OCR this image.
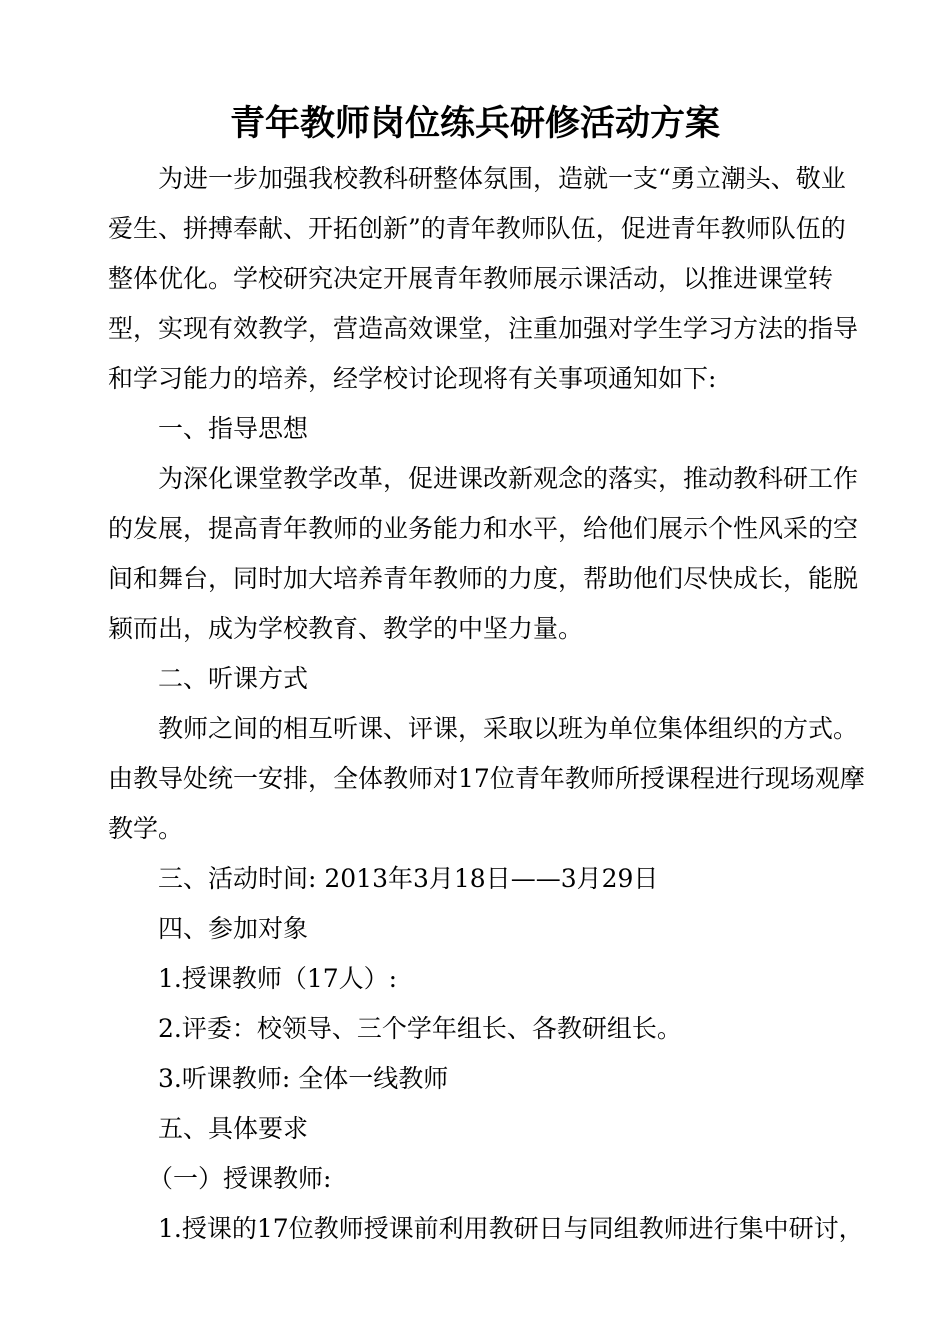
青年教师岗位练兵研修活动方案

为进一步加强我校教科研整体氛围，造就一支“勇立潮头、敬业爱生、拼搏奉献、开拓创新”的青年教师队伍，促进青年教师队伍的整体优化。学校研究决定开展青年教师展示课活动，以推进课堂转型，实现有效教学，营造高效课堂，注重加强对学生学习方法的指导和学习能力的培养，经学校讨论现将有关事项通知如下:

一、指导思想

为深化课堂教学改革，促进课改新观念的落实，推动教科研工作的发展，提高青年教师的业务能力和水平，给他们展示个性风采的空间和舞台，同时加大培养青年教师的力度，帮助他们尽快成长，能脱颖而出，成为学校教育、教学的中坚力量。

二、听课方式

教师之间的相互听课、评课，采取以班为单位集体组织的方式。由教导处统一安排，全体教师对17位青年教师所授课程进行现场观摩教学。

三、活动时间: 2013年3月18日——3月29日

四、参加对象

1.授课教师（17人）:

2.评委：校领导、三个学年组长、各教研组长。

3.听课教师: 全体一线教师

五、具体要求

（一）授课教师:

1.授课的17位教师授课前利用教研日与同组教师进行集中研讨，
